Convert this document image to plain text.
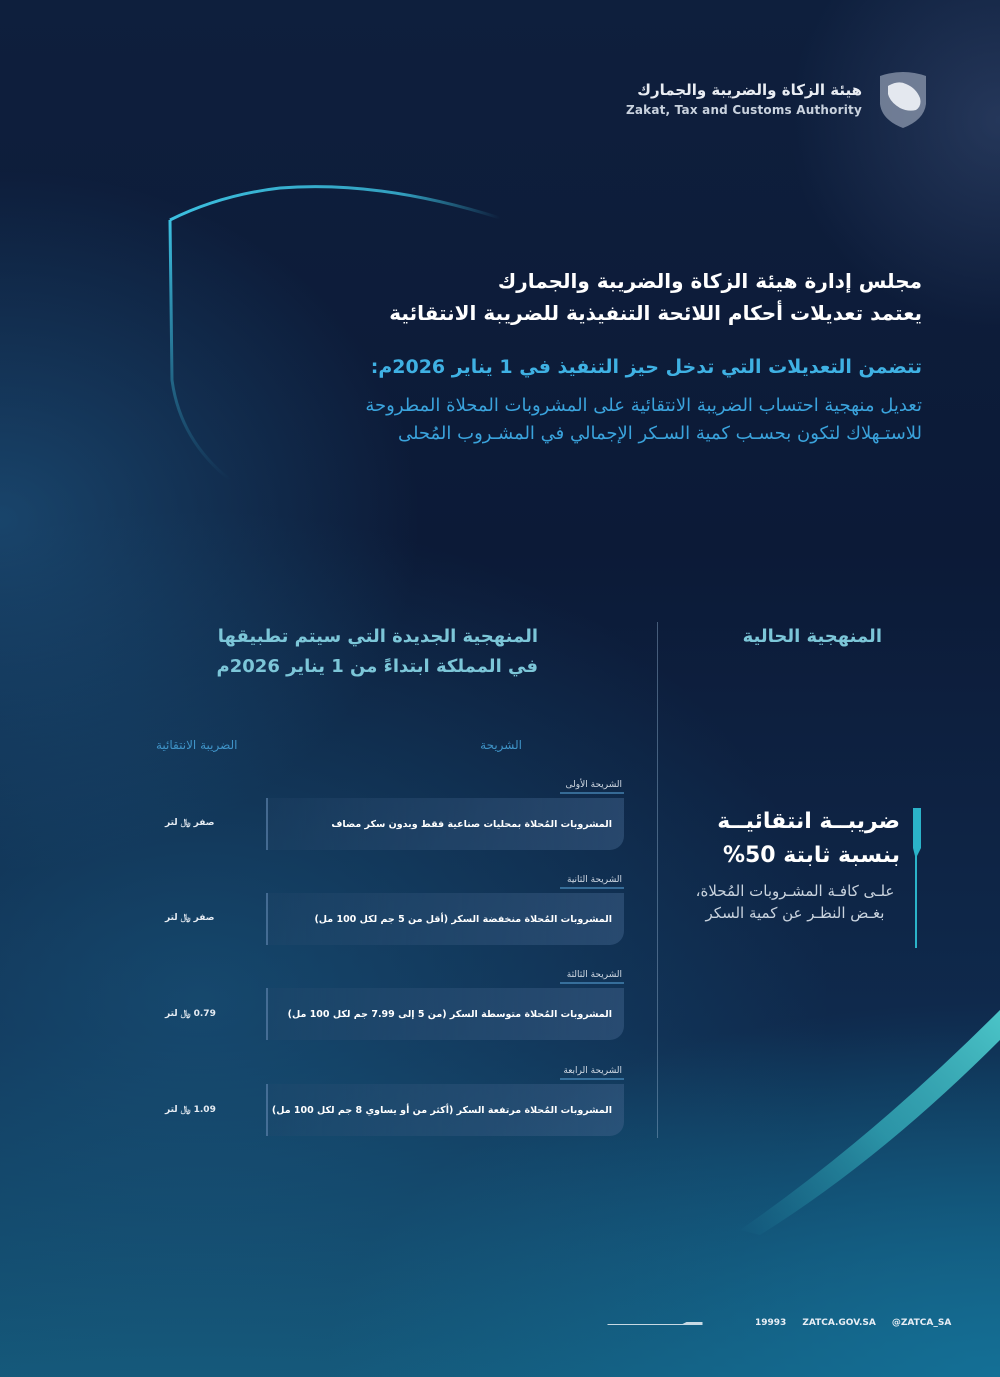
هيئة الزكاة والضريبة والجمارك
Zakat, Tax and Customs Authority
مجلس إدارة هيئة الزكاة والضريبة والجمارك
يعتمد تعديلات أحكام اللائحة التنفيذية للضريبة الانتقائية
تتضمن التعديلات التي تدخل حيز التنفيذ في 1 يناير 2026م:
تعديل منهجية احتساب الضريبة الانتقائية على المشروبات المحلاة المطروحة
للاستـهلاك لتكون بحسـب كمية السـكر الإجمالي في المشـروب المُحلى
المنهجية الحالية
المنهجية الجديدة التي سيتم تطبيقها
في المملكة ابتداءً من 1 يناير 2026م
الشريحة
الضريبة الانتقائية
الشريحة الأولى
المشروبات المُحلاة بمحليات صناعية فقط وبدون سكر مضاف
صفر
﷼
لتر
الشريحة الثانية
المشروبات المُحلاة منخفضة السكر (أقل من 5 جم لكل 100 مل)
صفر
﷼
لتر
الشريحة الثالثة
المشروبات المُحلاة متوسطة السكر (من 5 إلى 7.99 جم لكل 100 مل)
0.79
﷼
لتر
الشريحة الرابعة
المشروبات المُحلاة مرتفعة السكر (أكثر من أو يساوي 8 جم لكل 100 مل)
1.09
﷼
لتر
ضريبــة انتقائيــة
بنسبة ثابتة 50%
علـى كافـة المشـروبات المُحلاة، بغـض النظـر عن كمية السكر
19993 ZATCA.GOV.SA @ZATCA_SA
